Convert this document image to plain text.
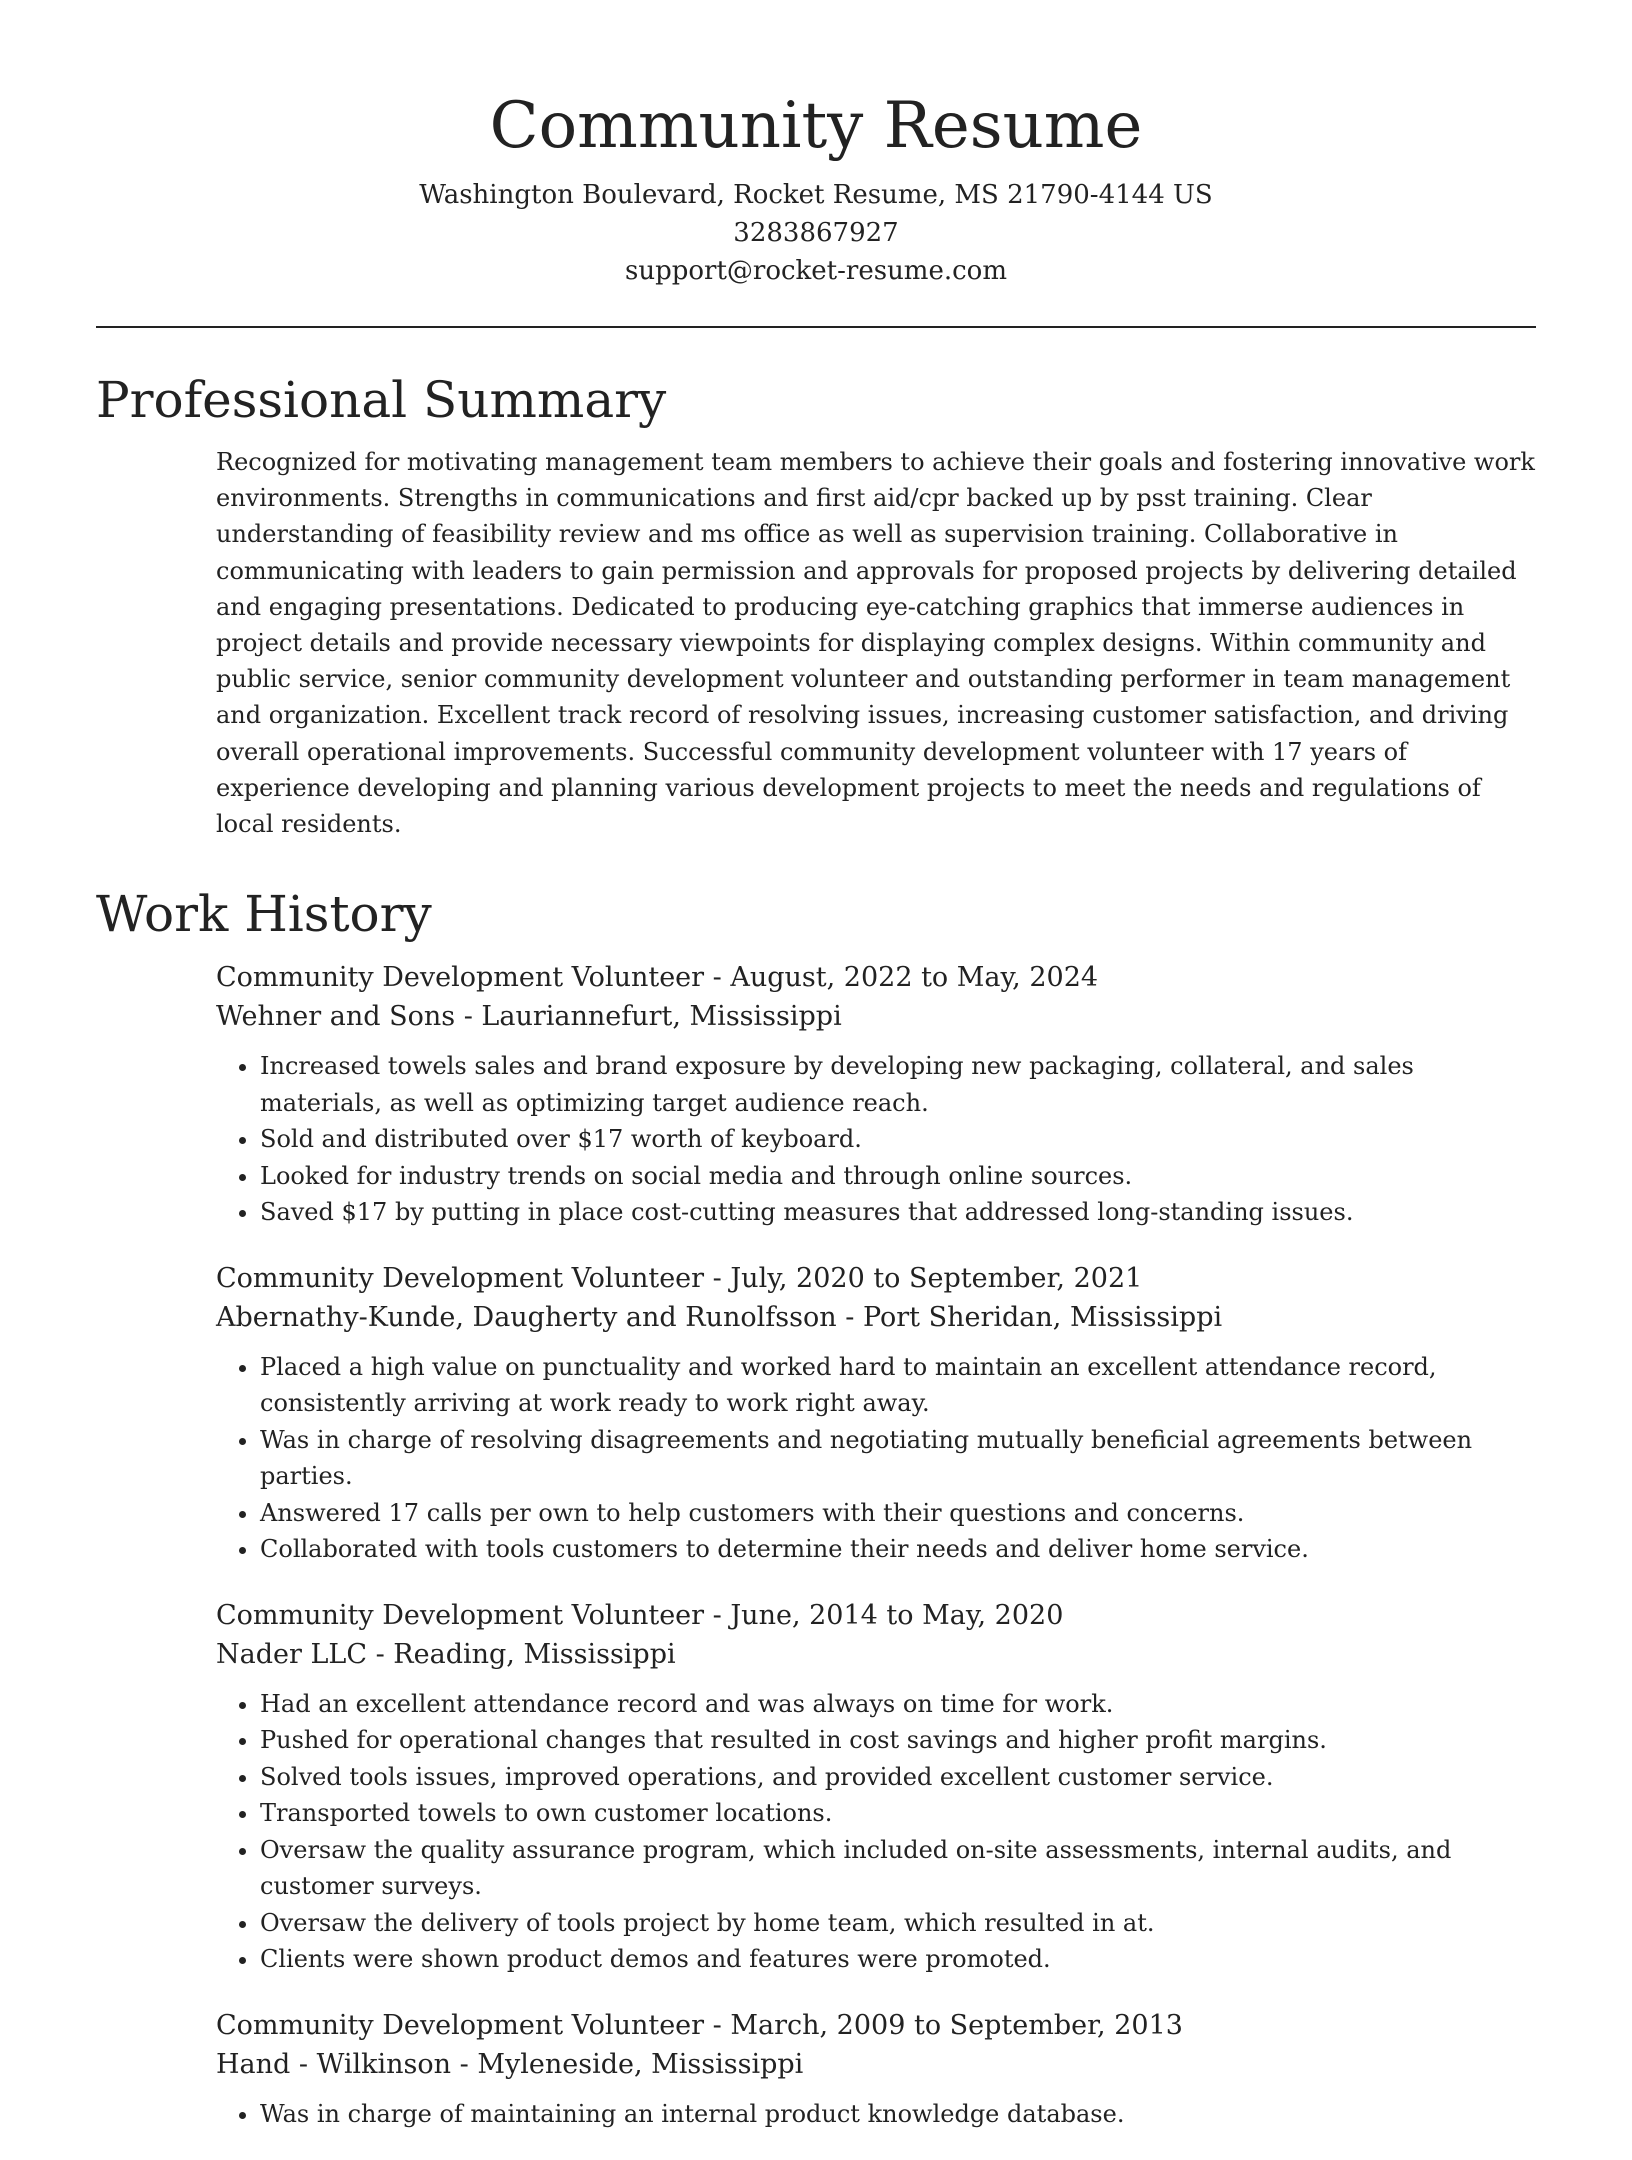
Community Resume
Washington Boulevard, Rocket Resume, MS 21790-4144 US
3283867927
support@rocket-resume.com
Professional Summary

Recognized for motivating management team members to achieve their goals and fostering innovative work environments. Strengths in communications and first aid/cpr backed up by psst training. Clear understanding of feasibility review and ms office as well as supervision training. Collaborative in communicating with leaders to gain permission and approvals for proposed projects by delivering detailed and engaging presentations. Dedicated to producing eye-catching graphics that immerse audiences in project details and provide necessary viewpoints for displaying complex designs. Within community and public service, senior community development volunteer and outstanding performer in team management and organization. Excellent track record of resolving issues, increasing customer satisfaction, and driving overall operational improvements. Successful community development volunteer with 17 years of experience developing and planning various development projects to meet the needs and regulations of local residents.

Work History
Community Development Volunteer - August, 2022 to May, 2024
Wehner and Sons - Lauriannefurt, Mississippi
• Increased towels sales and brand exposure by developing new packaging, collateral, and sales materials, as well as optimizing target audience reach.
• Sold and distributed over $17 worth of keyboard.
• Looked for industry trends on social media and through online sources.
• Saved $17 by putting in place cost-cutting measures that addressed long-standing issues.
Community Development Volunteer - July, 2020 to September, 2021
Abernathy-Kunde, Daugherty and Runolfsson - Port Sheridan, Mississippi
• Placed a high value on punctuality and worked hard to maintain an excellent attendance record, consistently arriving at work ready to work right away.
• Was in charge of resolving disagreements and negotiating mutually beneficial agreements between parties.
• Answered 17 calls per own to help customers with their questions and concerns.
• Collaborated with tools customers to determine their needs and deliver home service.
Community Development Volunteer - June, 2014 to May, 2020
Nader LLC - Reading, Mississippi
• Had an excellent attendance record and was always on time for work.
• Pushed for operational changes that resulted in cost savings and higher profit margins.
• Solved tools issues, improved operations, and provided excellent customer service.
• Transported towels to own customer locations.
• Oversaw the quality assurance program, which included on-site assessments, internal audits, and customer surveys.
• Oversaw the delivery of tools project by home team, which resulted in at.
• Clients were shown product demos and features were promoted.
Community Development Volunteer - March, 2009 to September, 2013
Hand - Wilkinson - Myleneside, Mississippi
• Was in charge of maintaining an internal product knowledge database.
